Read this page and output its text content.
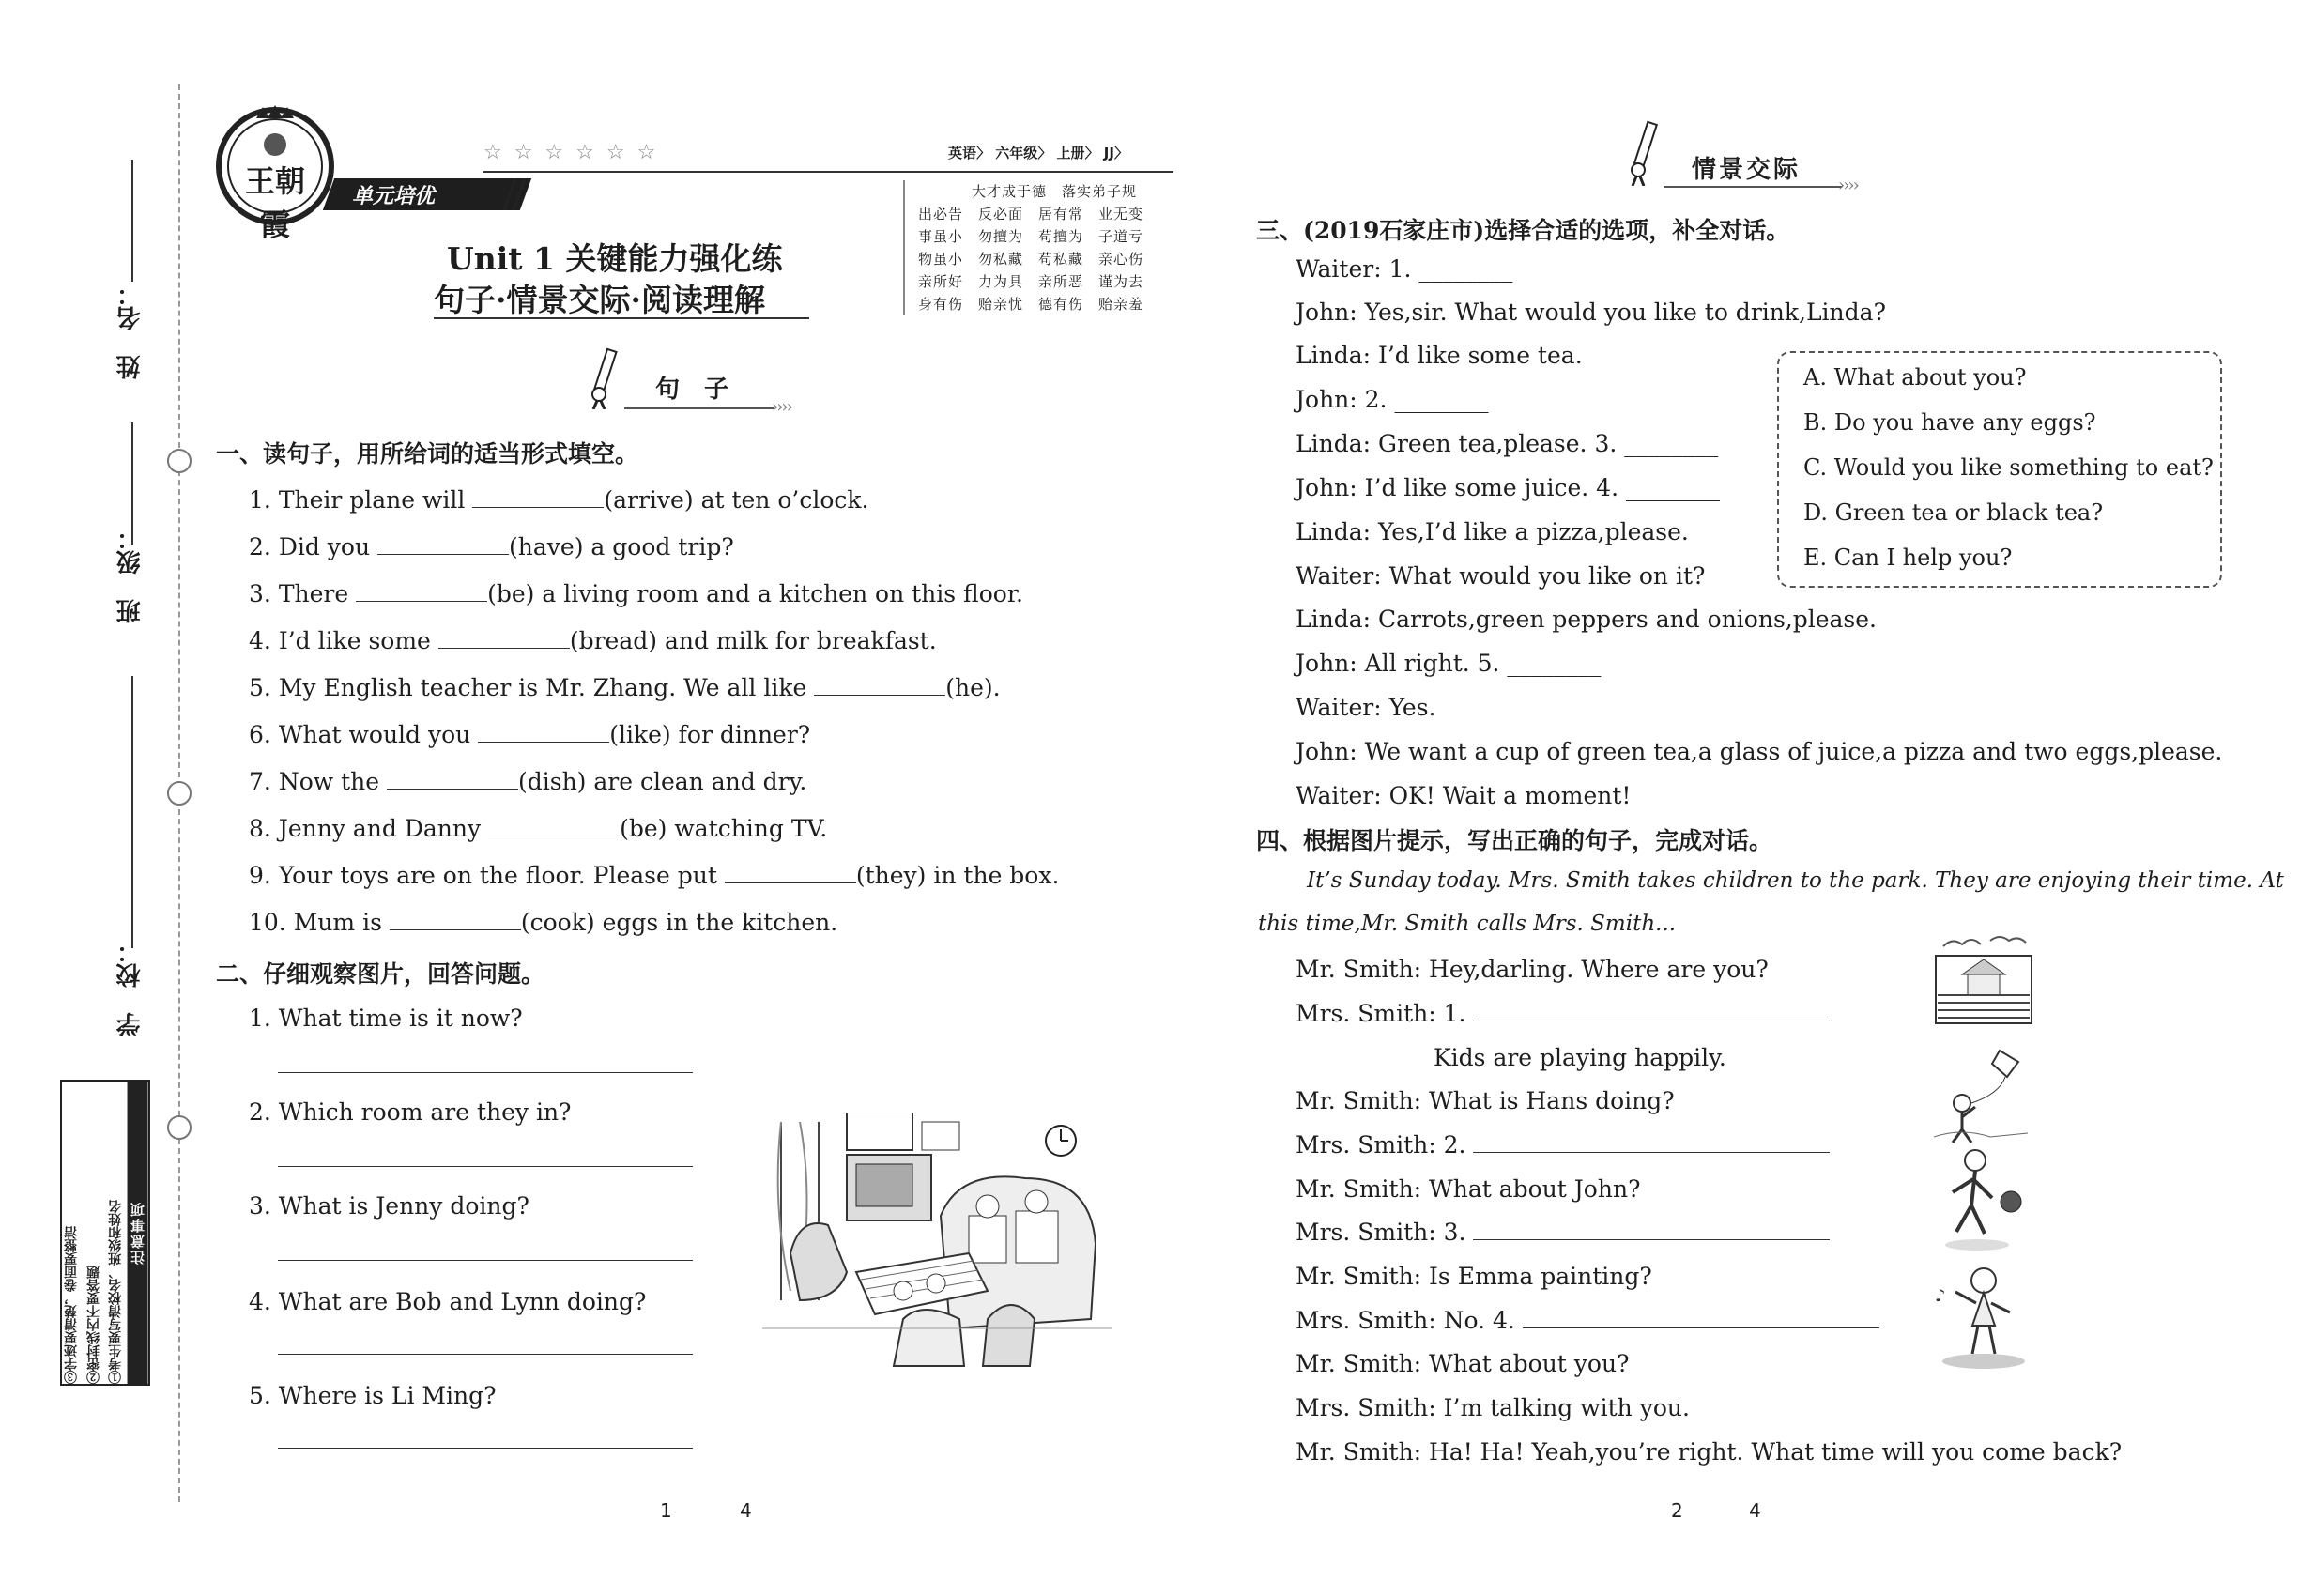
姓　名：
班　级：
学　校：
注意事项
①考生要写清校名、班级和姓名
②密封线内不要答题
③字迹要清楚，卷面要整洁
王朝霞
单元培优
☆ ☆ ☆ ☆ ☆ ☆	英语〉 六年级〉 上册〉 JJ〉
大才成于德　落实弟子规
出必告　反必面　居有常　业无变
事虽小　勿擅为　苟擅为　子道亏
物虽小　勿私藏　苟私藏　亲心伤
亲所好　力为具　亲所恶　谨为去
身有伤　贻亲忧　德有伤　贻亲羞
Unit 1 关键能力强化练
句子·情景交际·阅读理解
句　子
››››
一、读句子，用所给词的适当形式填空。
1. Their plane will	(arrive) at ten o’clock.
2. Did you	(have) a good trip?
3. There	(be) a living room and a kitchen on this floor.
4. I’d like some	(bread) and milk for breakfast.
5. My English teacher is Mr. Zhang. We all like	(he).
6. What would you	(like) for dinner?
7. Now the	(dish) are clean and dry.
8. Jenny and Danny	(be) watching TV.
9. Your toys are on the floor. Please put	(they) in the box.
10. Mum is	(cook) eggs in the kitchen.
二、仔细观察图片，回答问题。
1. What time is it now?
2. Which room are they in?
3. What is Jenny doing?
4. What are Bob and Lynn doing?
5. Where is Li Ming?
1	4
情景交际
››››
三、(2019石家庄市)选择合适的选项，补全对话。
Waiter: 1. ________
John: Yes,sir. What would you like to drink,Linda?
Linda: I’d like some tea.
John: 2. ________
Linda: Green tea,please. 3. ________
John: I’d like some juice. 4. ________
Linda: Yes,I’d like a pizza,please.
Waiter: What would you like on it?
Linda: Carrots,green peppers and onions,please.
John: All right. 5. ________
Waiter: Yes.
John: We want a cup of green tea,a glass of juice,a pizza and two eggs,please.
Waiter: OK! Wait a moment!
A. What about you?
B. Do you have any eggs?
C. Would you like something to eat?
D. Green tea or black tea?
E. Can I help you?
四、根据图片提示，写出正确的句子，完成对话。
It’s Sunday today. Mrs. Smith takes children to the park. They are enjoying their time. At
this time,Mr. Smith calls Mrs. Smith...
Mr. Smith: Hey,darling. Where are you?
Mrs. Smith: 1.
Kids are playing happily.
Mr. Smith: What is Hans doing?
Mrs. Smith: 2.
Mr. Smith: What about John?
Mrs. Smith: 3.
Mr. Smith: Is Emma painting?
Mrs. Smith: No. 4.
Mr. Smith: What about you?
Mrs. Smith: I’m talking with you.
Mr. Smith: Ha! Ha! Yeah,you’re right. What time will you come back?
♪
2	4
